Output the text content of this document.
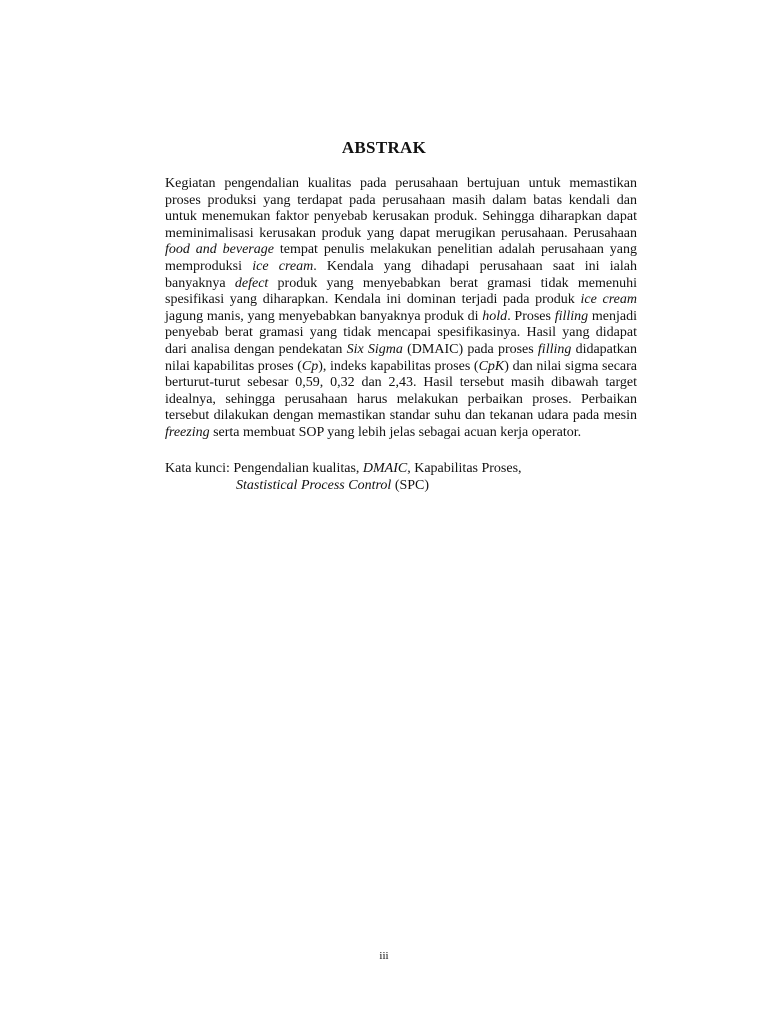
ABSTRAK
Kegiatan pengendalian kualitas pada perusahaan bertujuan untuk memastikan
proses produksi yang terdapat pada perusahaan masih dalam batas kendali dan
untuk menemukan faktor penyebab kerusakan produk. Sehingga diharapkan dapat
meminimalisasi kerusakan produk yang dapat merugikan perusahaan. Perusahaan
food and beverage tempat penulis melakukan penelitian adalah perusahaan yang
memproduksi ice cream. Kendala yang dihadapi perusahaan saat ini ialah
banyaknya defect produk yang menyebabkan berat gramasi tidak memenuhi
spesifikasi yang diharapkan. Kendala ini dominan terjadi pada produk ice cream
jagung manis, yang menyebabkan banyaknya produk di hold. Proses filling menjadi
penyebab berat gramasi yang tidak mencapai spesifikasinya. Hasil yang didapat
dari analisa dengan pendekatan Six Sigma (DMAIC) pada proses filling didapatkan
nilai kapabilitas proses (Cp), indeks kapabilitas proses (CpK) dan nilai sigma secara
berturut-turut sebesar 0,59, 0,32 dan 2,43. Hasil tersebut masih dibawah target
idealnya, sehingga perusahaan harus melakukan perbaikan proses. Perbaikan
tersebut dilakukan dengan memastikan standar suhu dan tekanan udara pada mesin
freezing serta membuat SOP yang lebih jelas sebagai acuan kerja operator.
Kata kunci: Pengendalian kualitas, DMAIC, Kapabilitas Proses,
Stastistical Process Control (SPC)
iii
